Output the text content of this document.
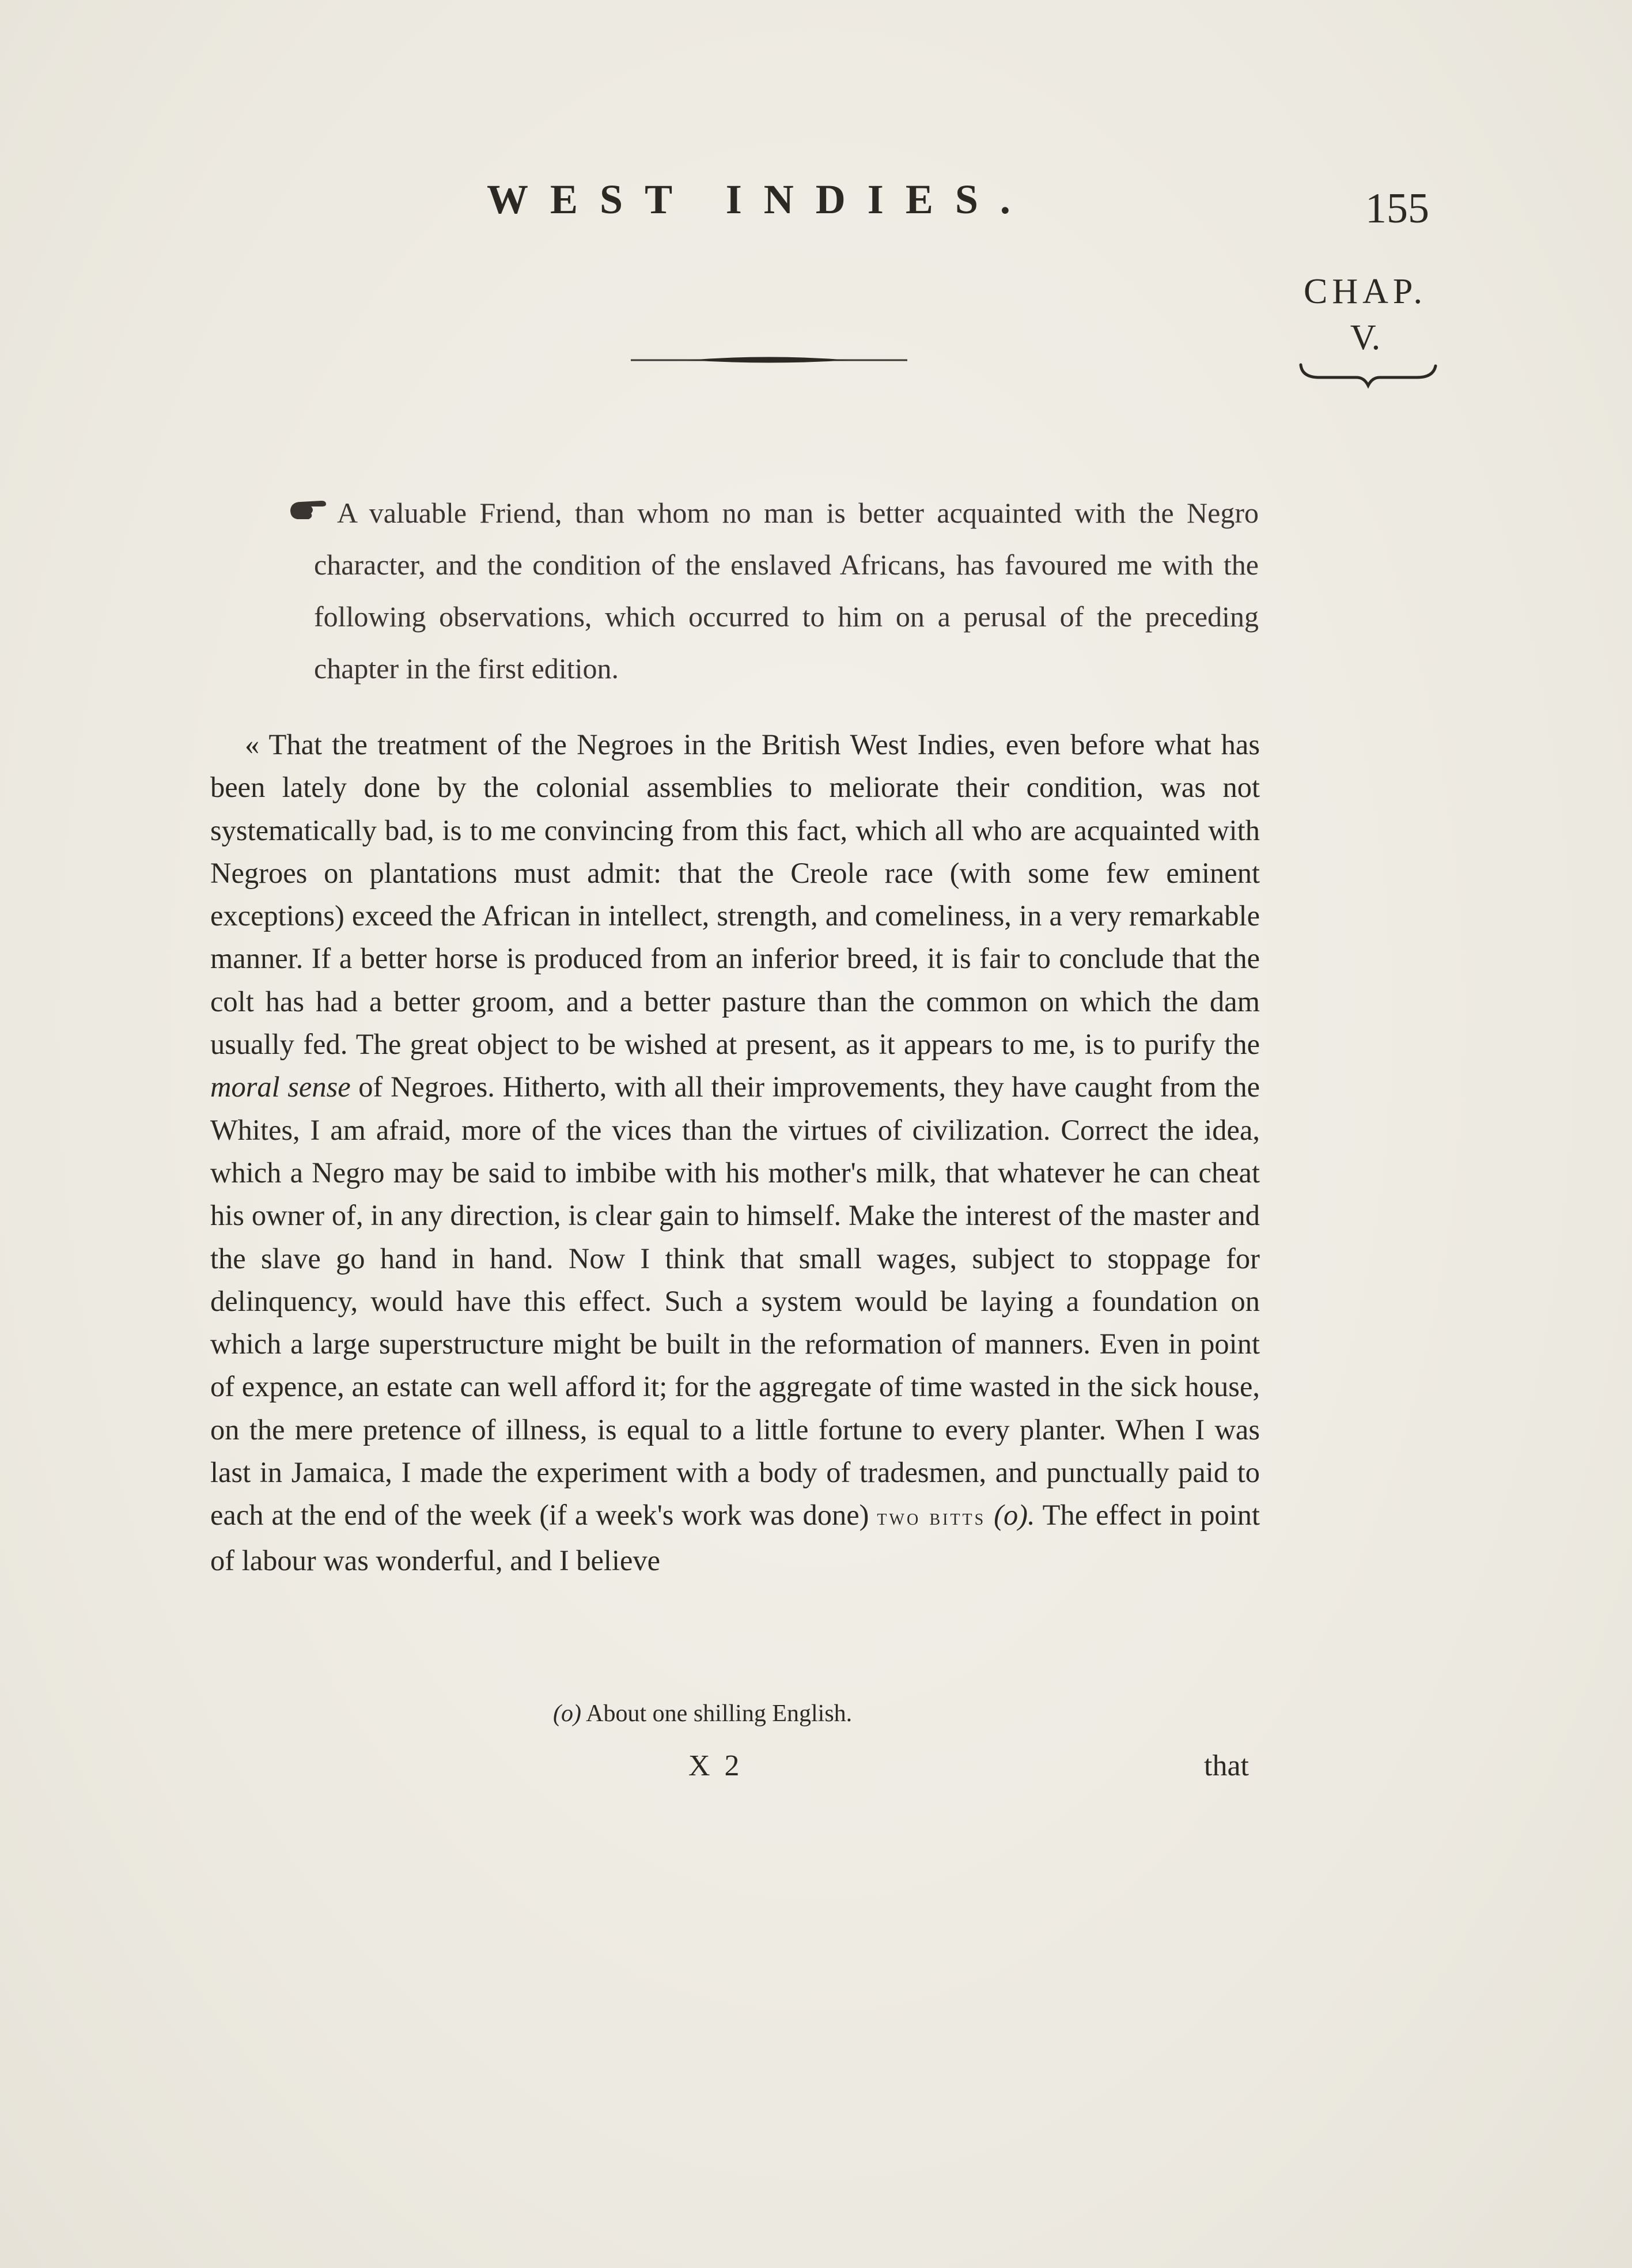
WEST INDIES.	155
CHAP.
V.

A valuable Friend, than whom no man is better acquainted with the Negro character, and the condition of the enslaved Africans, has favoured me with the following observations, which occurred to him on a perusal of the preceding chapter in the first edition.

« That the treatment of the Negroes in the British West Indies, even before what has been lately done by the colonial assemblies to meliorate their condition, was not systematically bad, is to me convincing from this fact, which all who are acquainted with Negroes on plantations must admit: that the Creole race (with some few eminent exceptions) exceed the African in intellect, strength, and comeliness, in a very remarkable manner. If a better horse is produced from an inferior breed, it is fair to conclude that the colt has had a better groom, and a better pasture than the common on which the dam usually fed. The great object to be wished at present, as it appears to me, is to purify the moral sense of Negroes. Hitherto, with all their improvements, they have caught from the Whites, I am afraid, more of the vices than the virtues of civilization. Correct the idea, which a Negro may be said to imbibe with his mother's milk, that whatever he can cheat his owner of, in any direction, is clear gain to himself. Make the interest of the master and the slave go hand in hand. Now I think that small wages, subject to stoppage for delinquency, would have this effect. Such a system would be laying a foundation on which a large superstructure might be built in the reformation of manners. Even in point of expence, an estate can well afford it; for the aggregate of time wasted in the sick house, on the mere pretence of illness, is equal to a little fortune to every planter. When I was last in Jamaica, I made the experiment with a body of tradesmen, and punctually paid to each at the end of the week (if a week's work was done) two bitts (o). The effect in point of labour was wonderful, and I believe

(o) About one shilling English.
X 2	that
